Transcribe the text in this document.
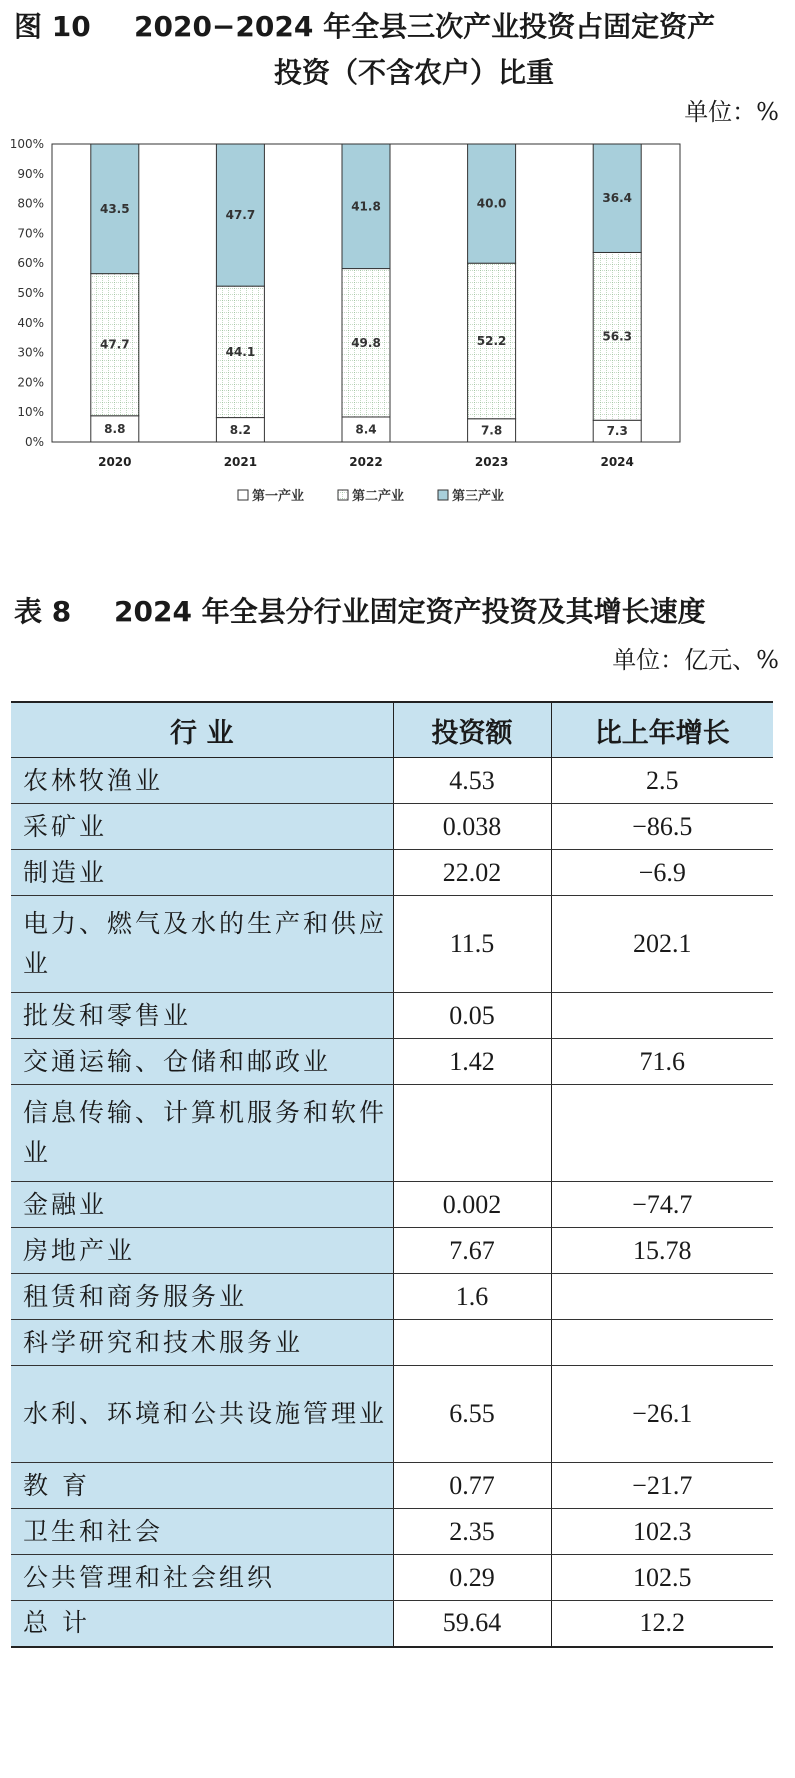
图 10	2020−2024 年全县三次产业投资占固定资产
投资（不含农户）比重
单位：%
0%
10%
20%
30%
40%
50%
60%
70%
80%
90%
100%
8.8
47.7
43.5
2020
8.2
44.1
47.7
2021
8.4
49.8
41.8
2022
7.8
52.2
40.0
2023
7.3
56.3
36.4
2024
第一产业	第二产业	第三产业
表 8	2024 年全县分行业固定资产投资及其增长速度
单位：亿元、%
行 业	投资额	比上年增长
农林牧渔业	4.53	2.5
采矿业	0.038	−86.5
制造业	22.02	−6.9
电力、燃气及水的生产和供应业	11.5	202.1
批发和零售业	0.05	
交通运输、仓储和邮政业	1.42	71.6
信息传输、计算机服务和软件业		
金融业	0.002	−74.7
房地产业	7.67	15.78
租赁和商务服务业	1.6	
科学研究和技术服务业		
水利、环境和公共设施管理业	6.55	−26.1
教 育	0.77	−21.7
卫生和社会	2.35	102.3
公共管理和社会组织	0.29	102.5
总 计	59.64	12.2
